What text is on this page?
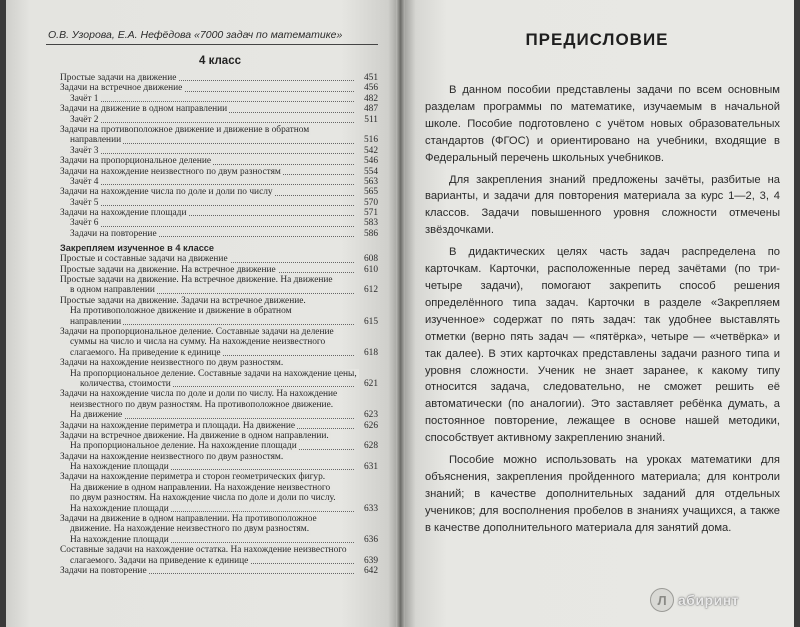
О.В. Узорова, Е.А. Нефёдова «7000 задач по математике»
4 класс
Простые задачи на движение	451
Задачи на встречное движение	456
Зачёт 1	482
Задачи на движение в одном направлении	487
Зачёт 2	511
Задачи на противоположное движение и движение в обратном
направлении	516
Зачёт 3	542
Задачи на пропорциональное деление	546
Задачи на нахождение неизвестного по двум разностям	554
Зачёт 4	563
Задачи на нахождение числа по доле и доли по числу	565
Зачёт 5	570
Задачи на нахождение площади	571
Зачёт 6	583
Задачи на повторение	586
Закрепляем изученное в 4 классе
Простые и составные задачи на движение	608
Простые задачи на движение. На встречное движение	610
Простые задачи на движение. На встречное движение. На движение
в одном направлении	612
Простые задачи на движение. Задачи на встречное движение.
На противоположное движение и движение в обратном
направлении	615
Задачи на пропорциональное деление. Составные задачи на деление
суммы на число и числа на сумму. На нахождение неизвестного
слагаемого. На приведение к единице	618
Задачи на нахождение неизвестного по двум разностям.
На пропорциональное деление. Составные задачи на нахождение цены,
количества, стоимости	621
Задачи на нахождение числа по доле и доли по числу. На нахождение
неизвестного по двум разностям. На противоположное движение.
На движение	623
Задачи на нахождение периметра и площади. На движение	626
Задачи на встречное движение. На движение в одном направлении.
На пропорциональное деление. На нахождение площади	628
Задачи на нахождение неизвестного по двум разностям.
На нахождение площади	631
Задачи на нахождение периметра и сторон геометрических фигур.
На движение в одном направлении. На нахождение неизвестного
по двум разностям. На нахождение числа по доле и доли по числу.
На нахождение площади	633
Задачи на движение в одном направлении. На противоположное
движение. На нахождение неизвестного по двум разностям.
На нахождение площади	636
Составные задачи на нахождение остатка. На нахождение неизвестного
слагаемого. Задачи на приведение к единице	639
Задачи на повторение	642
ПРЕДИСЛОВИЕ

В данном пособии представлены задачи по всем основным разделам программы по математике, изучаемым в начальной школе. Пособие подготовлено с учётом новых образовательных стандартов (ФГОС) и ориентировано на учебники, входящие в Федеральный перечень школьных учебников.

Для закрепления знаний предложены зачёты, разбитые на варианты, и задачи для повторения материала за курс 1—2, 3, 4 классов. Задачи повышенного уровня сложности отмечены звёздочками.

В дидактических целях часть задач распределена по карточкам. Карточки, расположенные перед зачётами (по три-четыре задачи), помогают закрепить способ решения определённого типа задач. Карточки в разделе «Закрепляем изученное» содержат по пять задач: так удобнее выставлять отметки (верно пять задач — «пятёрка», четыре — «четвёрка» и так далее). В этих карточках представлены задачи разного типа и уровня сложности. Ученик не знает заранее, к какому типу относится задача, следовательно, не сможет решить её автоматически (по аналогии). Это заставляет ребёнка думать, а постоянное повторение, лежащее в основе нашей методики, способствует активному закреплению знаний.

Пособие можно использовать на уроках математики для объяснения, закрепления пройденного материала; для контроли знаний; в качестве дополнительных заданий для отдельных учеников; для восполнения пробелов в знаниях учащихся, а также в качестве дополнительного материала для занятий дома.

Л абиринт
